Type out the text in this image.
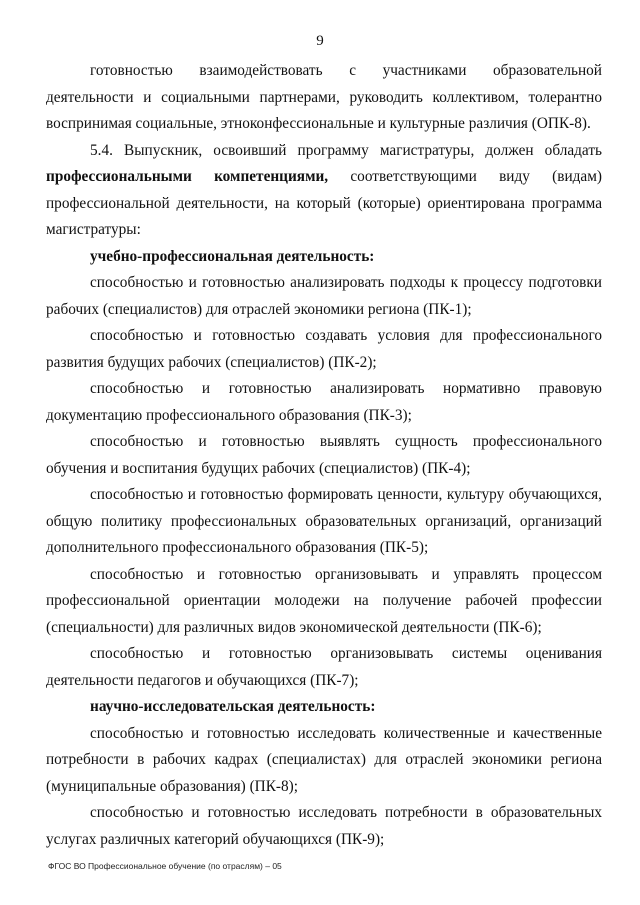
9

готовностью взаимодействовать с участниками образовательной деятельности и социальными партнерами, руководить коллективом, толерантно воспринимая социальные, этноконфессиональные и культурные различия (ОПК-8).

5.4. Выпускник, освоивший программу магистратуры, должен обладать профессиональными компетенциями, соответствующими виду (видам) профессиональной деятельности, на который (которые) ориентирована программа магистратуры:

учебно-профессиональная деятельность:

способностью и готовностью анализировать подходы к процессу подготовки рабочих (специалистов) для отраслей экономики региона (ПК-1);

способностью и готовностью создавать условия для профессионального развития будущих рабочих (специалистов) (ПК-2);

способностью и готовностью анализировать нормативно правовую документацию профессионального образования (ПК-3);

способностью и готовностью выявлять сущность профессионального обучения и воспитания будущих рабочих (специалистов) (ПК-4);

способностью и готовностью формировать ценности, культуру обучающихся, общую политику профессиональных образовательных организаций, организаций дополнительного профессионального образования (ПК-5);

способностью и готовностью организовывать и управлять процессом профессиональной ориентации молодежи на получение рабочей профессии (специальности) для различных видов экономической деятельности (ПК-6);

способностью и готовностью организовывать системы оценивания деятельности педагогов и обучающихся (ПК-7);

научно-исследовательская деятельность:

способностью и готовностью исследовать количественные и качественные потребности в рабочих кадрах (специалистах) для отраслей экономики региона (муниципальные образования) (ПК-8);

способностью и готовностью исследовать потребности в образовательных услугах различных категорий обучающихся (ПК-9);

ФГОС ВО Профессиональное обучение (по отраслям) – 05
